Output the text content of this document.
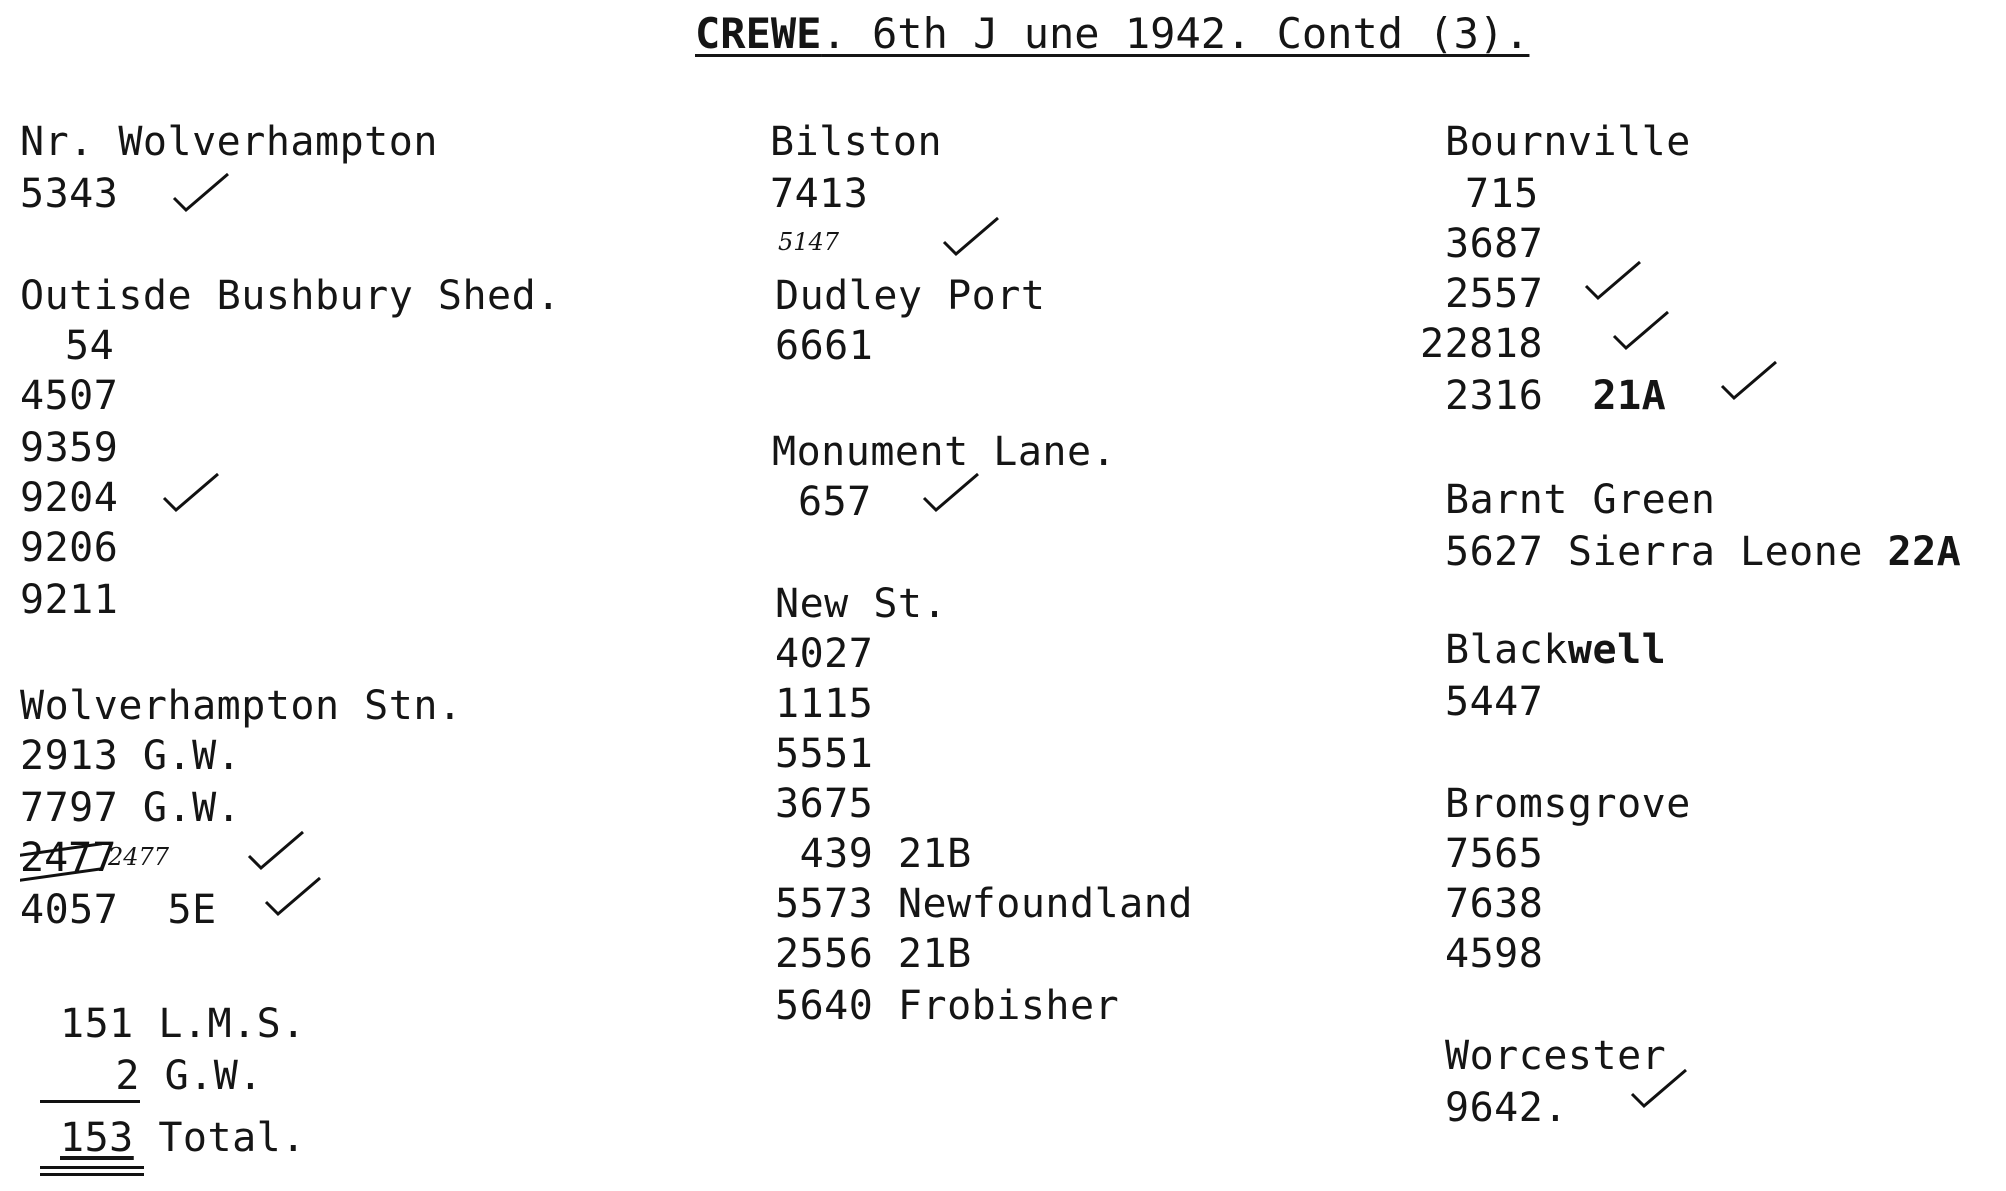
CREWE. 6th J une 1942. Contd (3).
Nr. Wolverhampton
5343
Outisde Bushbury Shed.
54
4507
9359
9204
9206
9211
Wolverhampton Stn.
2913 G.W.
7797 G.W.
2477
2477
4057 5E
151 L.M.S.
2 G.W.
153 Total.
Bilston
7413
5147
Dudley Port
6661
Monument Lane.
657
New St.
4027
1115
5551
3675
439 21B
5573 Newfoundland
2556 21B
5640 Frobisher
Bournville
715
3687
2557
22818
2316 21A
Barnt Green
5627 Sierra Leone 22A
Blackwell
5447
Bromsgrove
7565
7638
4598
Worcester
9642.
